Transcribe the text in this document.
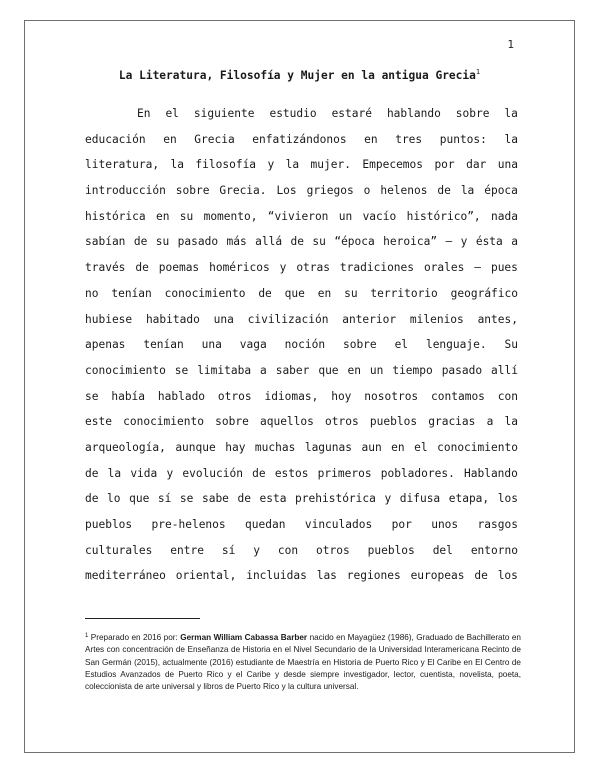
1
La Literatura, Filosofía y Mujer en la antigua Grecia$^1$
En el siguiente estudio estaré hablando sobre la
educación en Grecia enfatizándonos en tres puntos: la
literatura, la filosofía y la mujer. Empecemos por dar una
introducción sobre Grecia. Los griegos o helenos de la época
histórica en su momento, “vivieron un vacío histórico”, nada
sabían de su pasado más allá de su “época heroica” — y ésta a
través de poemas homéricos y otras tradiciones orales — pues
no tenían conocimiento de que en su territorio geográfico
hubiese habitado una civilización anterior milenios antes,
apenas tenían una vaga noción sobre el lenguaje. Su
conocimiento se limitaba a saber que en un tiempo pasado allí
se había hablado otros idiomas, hoy nosotros contamos con
este conocimiento sobre aquellos otros pueblos gracias a la
arqueología, aunque hay muchas lagunas aun en el conocimiento
de la vida y evolución de estos primeros pobladores. Hablando
de lo que sí se sabe de esta prehistórica y difusa etapa, los
pueblos pre-helenos quedan vinculados por unos rasgos
culturales entre sí y con otros pueblos del entorno
mediterráneo oriental, incluidas las regiones europeas de los
$^1$ Preparado en 2016 por: German William Cabassa Barber nacido en Mayagüez (1986), Graduado de Bachillerato en Artes con concentración de Enseñanza de Historia en el Nivel Secundario de la Universidad Interamericana Recinto de San Germán (2015), actualmente (2016) estudiante de Maestría en Historia de Puerto Rico y El Caribe en El Centro de Estudios Avanzados de Puerto Rico y el Caribe y desde siempre investigador, lector, cuentista, novelista, poeta, coleccionista de arte universal y libros de Puerto Rico y la cultura universal.
